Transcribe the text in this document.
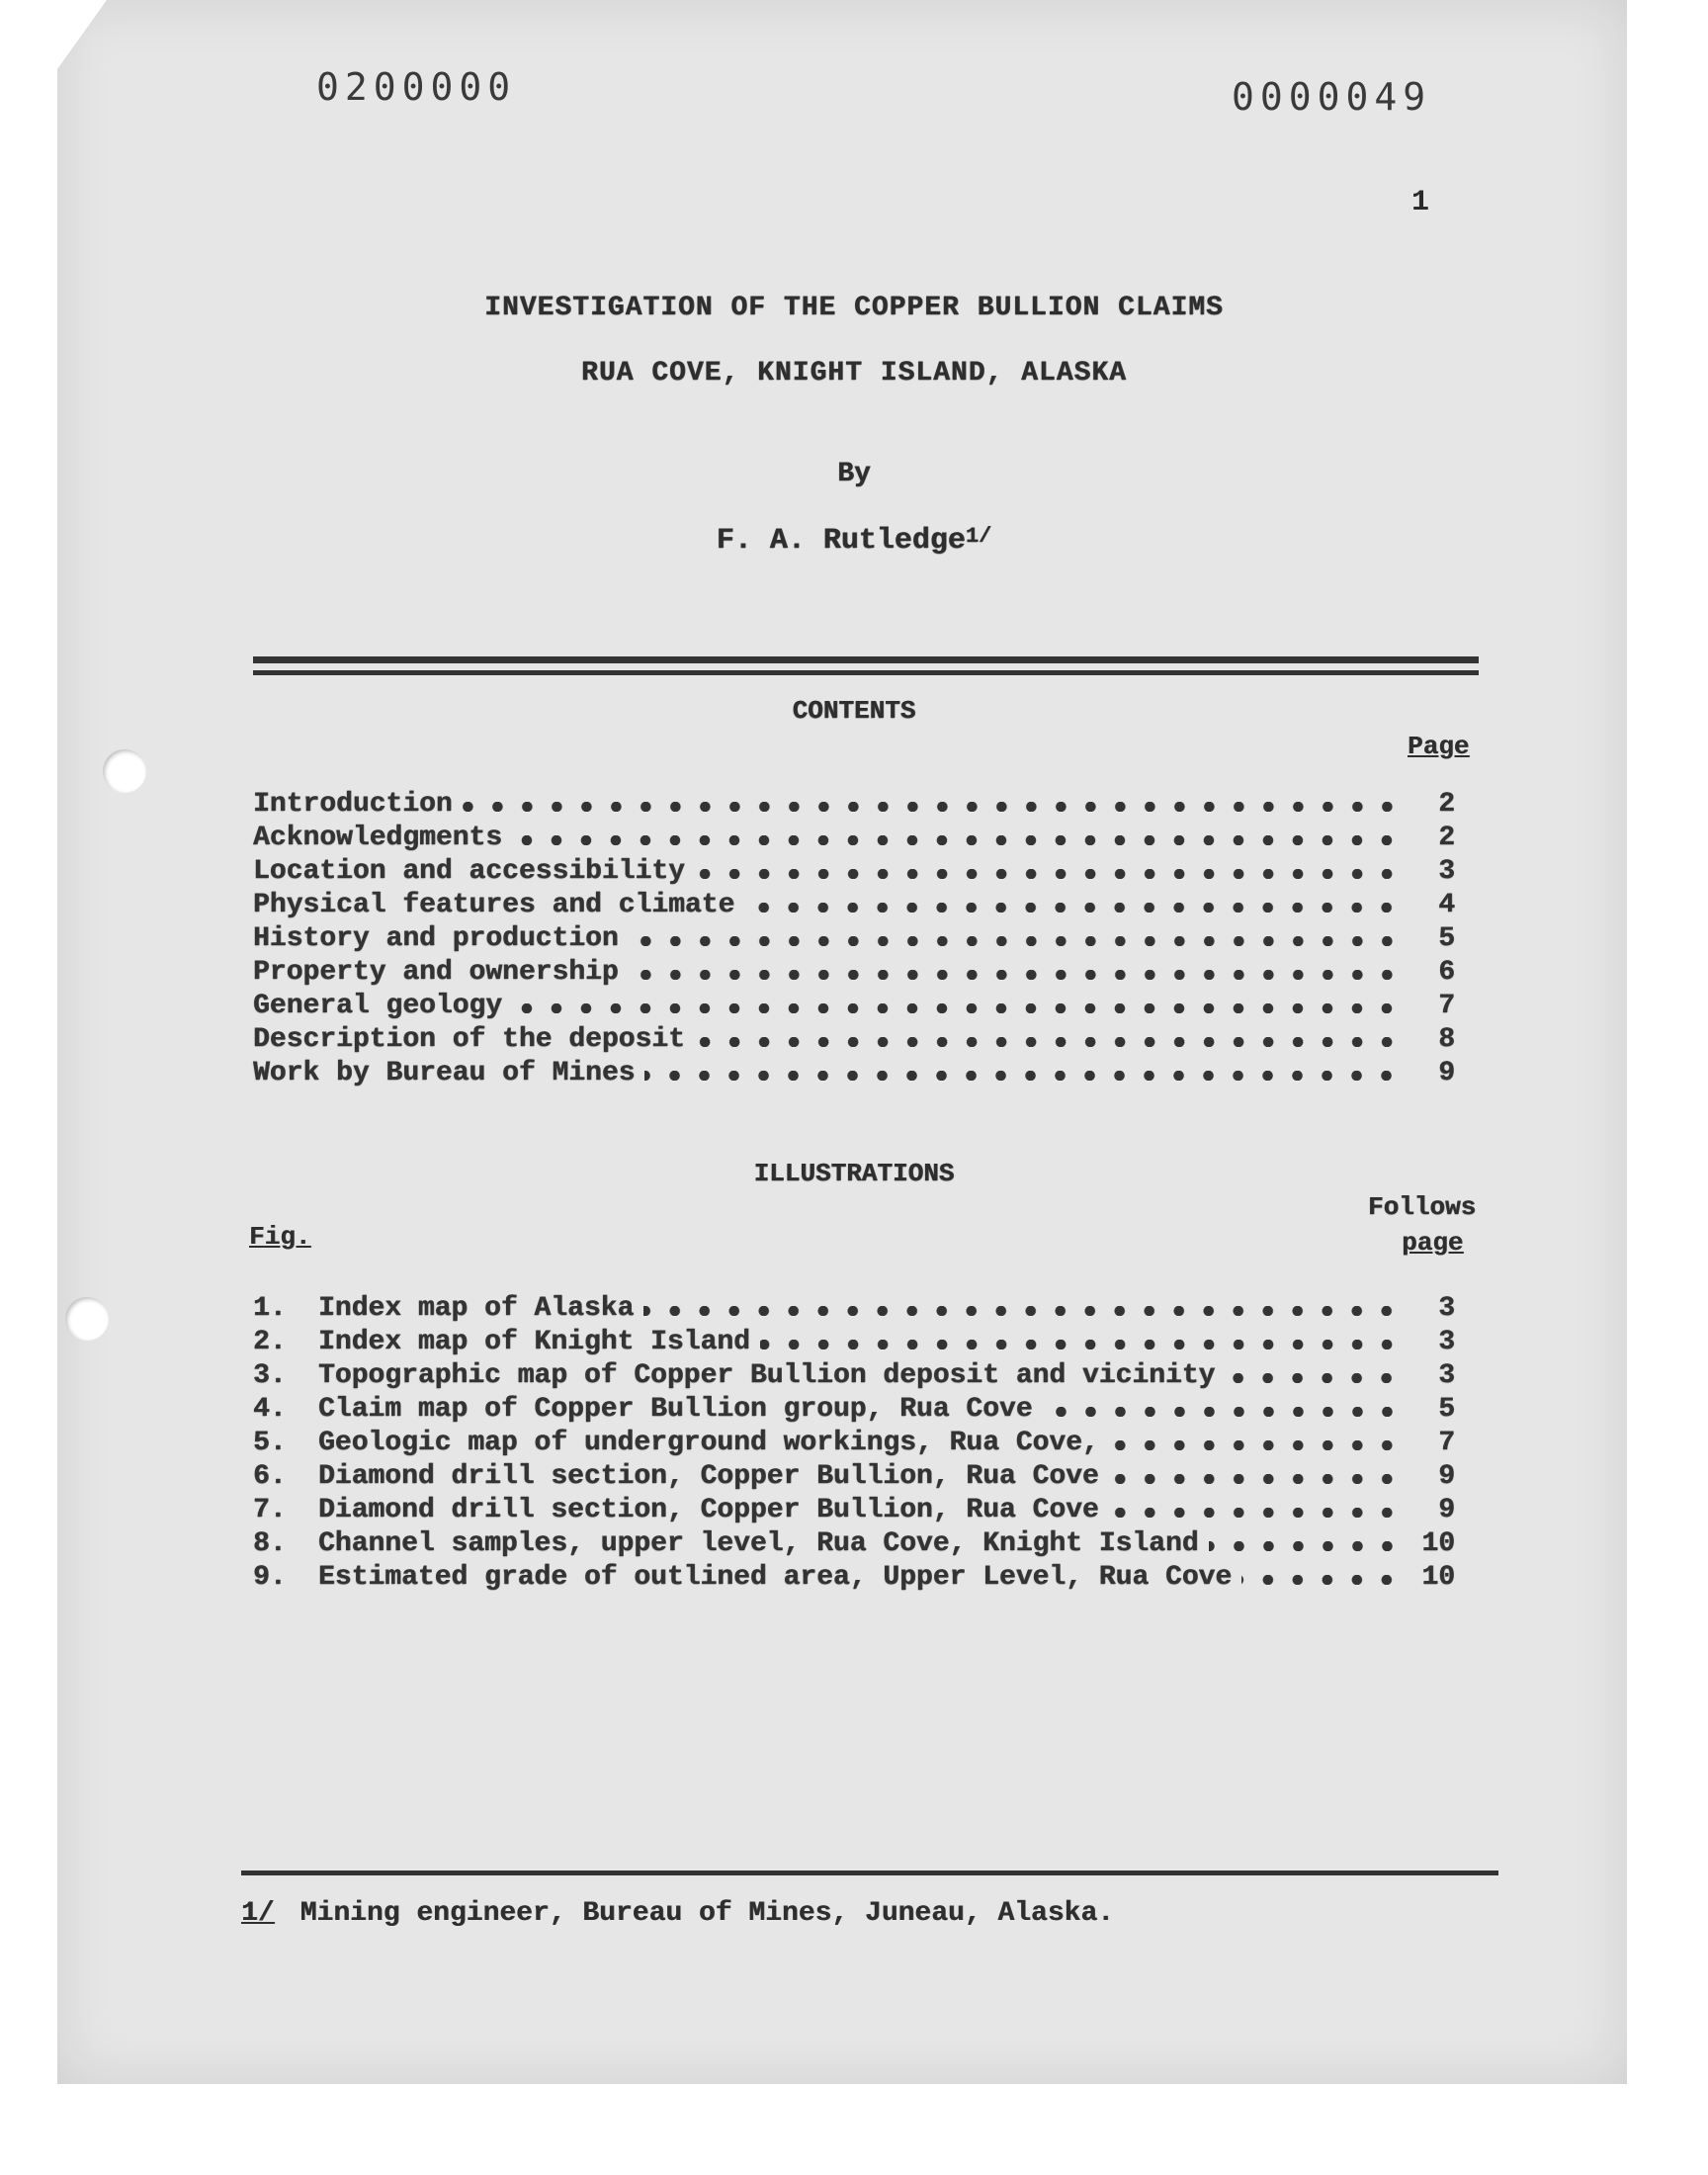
0200000	0000049
1
INVESTIGATION OF THE COPPER BULLION CLAIMS
RUA COVE, KNIGHT ISLAND, ALASKA
By
F. A. Rutledge$^{1/}$
CONTENTS
Page
Introduction	2
Acknowledgments	2
Location and accessibility	3
Physical features and climate	4
History and production	5
Property and ownership	6
General geology	7
Description of the deposit	8
Work by Bureau of Mines	9
ILLUSTRATIONS
Follows
page
Fig.
1.	Index map of Alaska	3
2.	Index map of Knight Island	3
3.	Topographic map of Copper Bullion deposit and vicinity	3
4.	Claim map of Copper Bullion group, Rua Cove	5
5.	Geologic map of underground workings, Rua Cove,	7
6.	Diamond drill section, Copper Bullion, Rua Cove	9
7.	Diamond drill section, Copper Bullion, Rua Cove	9
8.	Channel samples, upper level, Rua Cove, Knight Island	10
9.	Estimated grade of outlined area, Upper Level, Rua Cove	10
1/ Mining engineer, Bureau of Mines, Juneau, Alaska.
